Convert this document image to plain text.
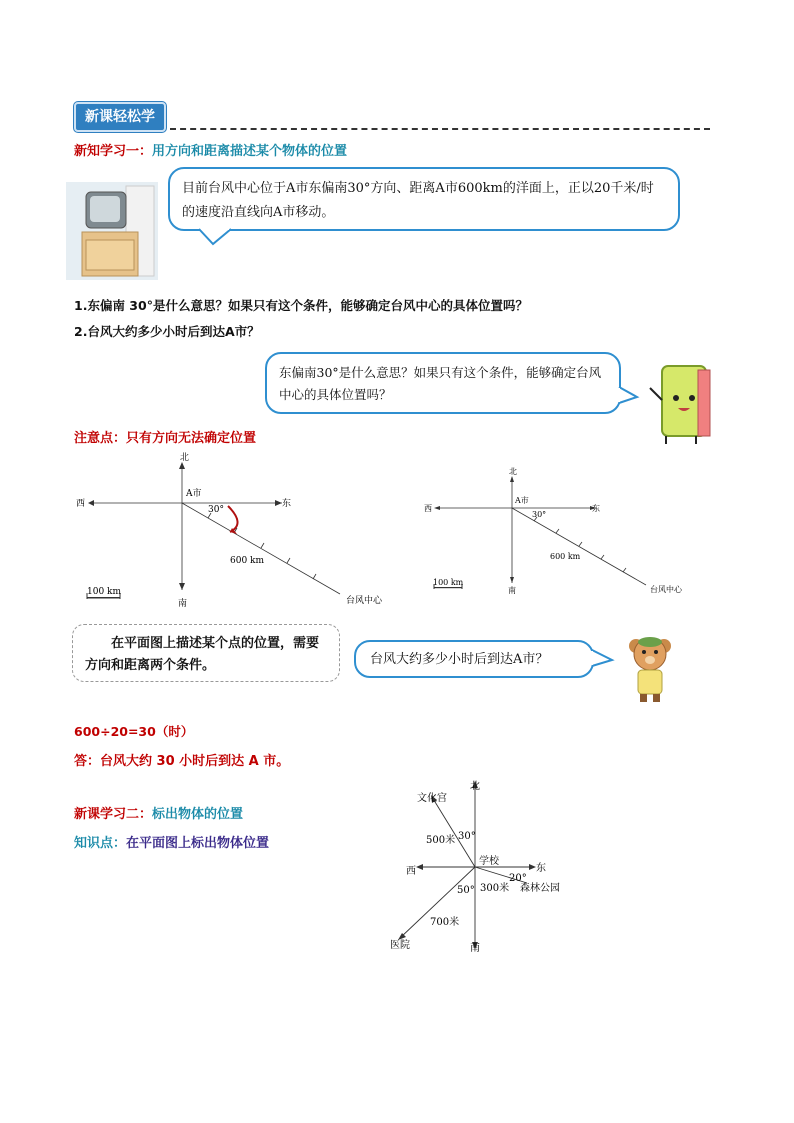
新课轻松学
新知学习一：用方向和距离描述某个物体的位置
目前台风中心位于A市东偏南30°方向、距离A市600km的洋面上，正以20千米/时的速度沿直线向A市移动。
1.东偏南 30°是什么意思？如果只有这个条件，能够确定台风中心的具体位置吗？
2.台风大约多少小时后到达A市？
东偏南30°是什么意思？如果只有这个条件，能够确定台风中心的具体位置吗？
注意点：只有方向无法确定位置
北
南
西	东
A市
30°
600 km
100 km
台风中心
北
南
西	东
A市
30°
600 km
100 km
台风中心
在平面图上描述某个点的位置，需要方向和距离两个条件。	台风大约多少小时后到达A市？
600÷20=30（时）
答：台风大约 30 小时后到达 A 市。
新课学习二：标出物体的位置
知识点：在平面图上标出物体位置
北
南
西	东
学校
文化宫
500米 30°
20°
300米 森林公园
50°
700米
医院
